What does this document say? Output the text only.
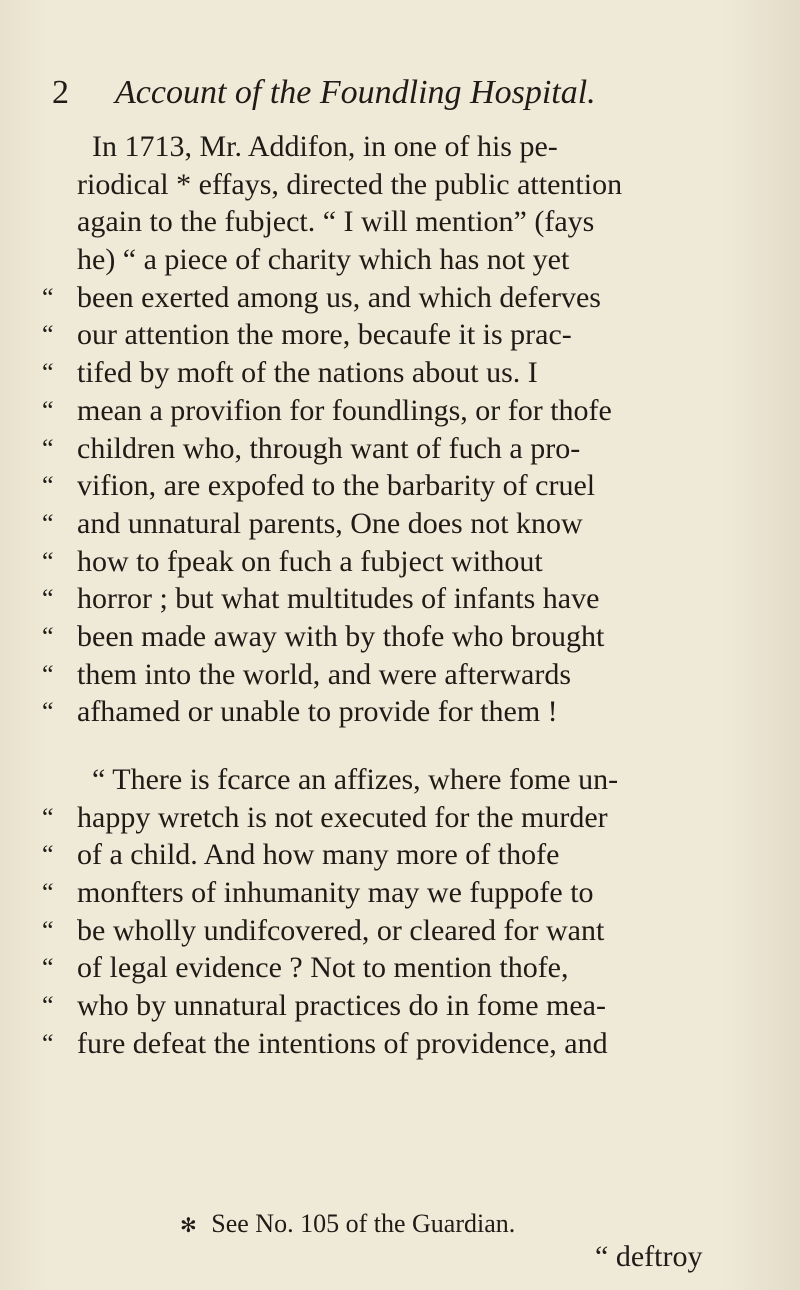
2 Account of the Foundling Hospital.
In 1713, Mr. Addifon, in one of his pe-
riodical * effays, directed the public attention
again to the fubject. “ I will mention” (fays
he) “ a piece of charity which has not yet
“ been exerted among us, and which deferves
“ our attention the more, becaufe it is prac-
“ tifed by moft of the nations about us. I
“ mean a provifion for foundlings, or for thofe
“ children who, through want of fuch a pro-
“ vifion, are expofed to the barbarity of cruel
“ and unnatural parents, One does not know
“ how to fpeak on fuch a fubject without
“ horror ; but what multitudes of infants have
“ been made away with by thofe who brought
“ them into the world, and were afterwards
“ afhamed or unable to provide for them !
“ There is fcarce an affizes, where fome un-
“ happy wretch is not executed for the murder
“ of a child. And how many more of thofe
“ monfters of inhumanity may we fuppofe to
“ be wholly undifcovered, or cleared for want
“ of legal evidence ? Not to mention thofe,
“ who by unnatural practices do in fome mea-
“ fure defeat the intentions of providence, and
✻ See No. 105 of the Guardian.
“ deftroy
